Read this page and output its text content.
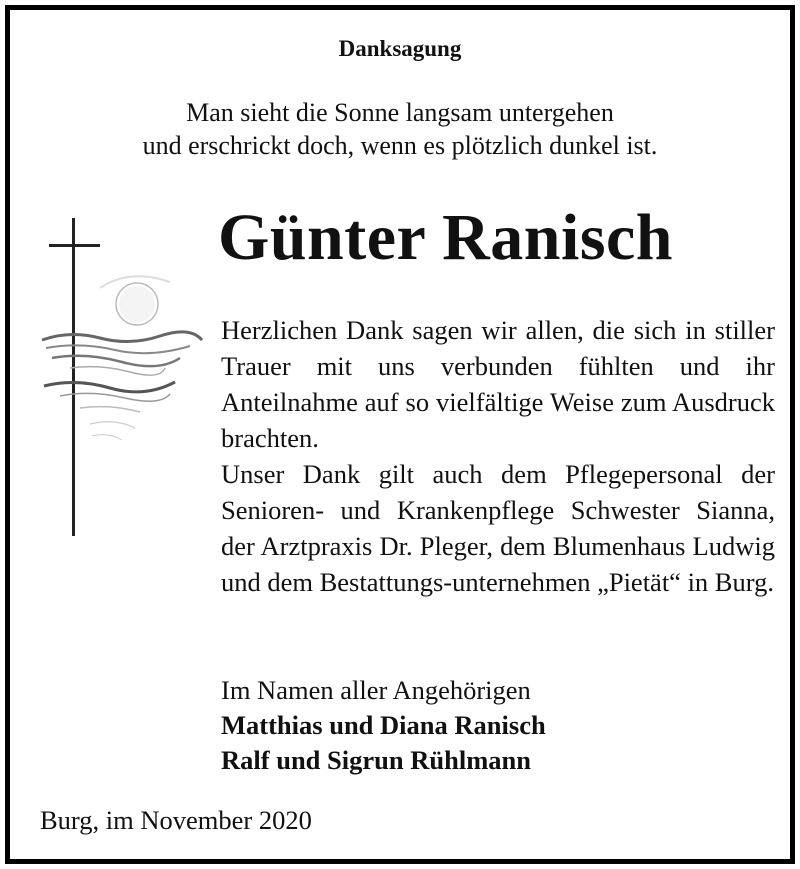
Danksagung
Man sieht die Sonne langsam untergehen
und erschrickt doch, wenn es plötzlich dunkel ist.
Günter Ranisch

Herzlichen Dank sagen wir allen, die sich in stiller Trauer mit uns verbunden fühlten und ihr Anteilnahme auf so vielfältige Weise zum Ausdruck brachten.

Unser Dank gilt auch dem Pflegepersonal der Senioren- und Krankenpflege Schwester Sianna, der Arztpraxis Dr. Pleger, dem Blumenhaus Ludwig und dem Bestattungs-unternehmen „Pietät“ in Burg.

Im Namen aller Angehörigen
Matthias und Diana Ranisch
Ralf und Sigrun Rühlmann
Burg, im November 2020
